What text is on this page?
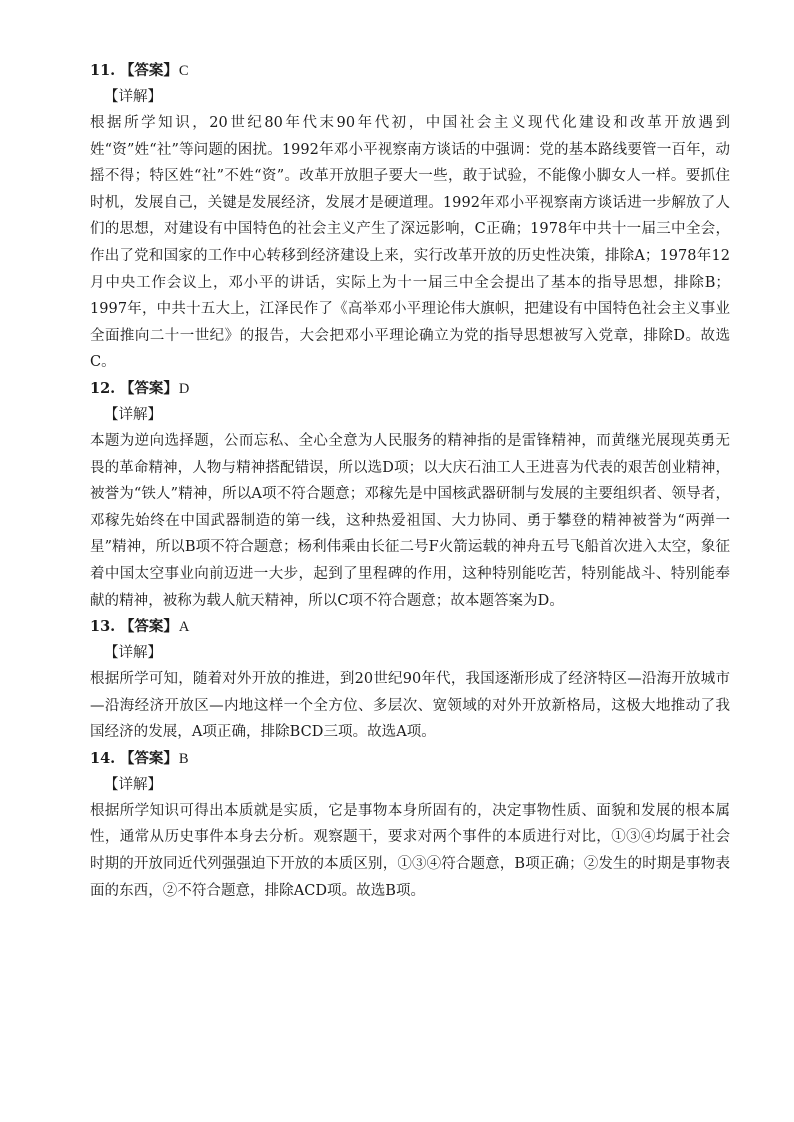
11. 【答案】C
【详解】

根据所学知识，20世纪80年代末90年代初，中国社会主义现代化建设和改革开放遇到姓“资”姓“社”等问题的困扰。1992年邓小平视察南方谈话的中强调：党的基本路线要管一百年，动摇不得；特区姓“社”不姓“资”。改革开放胆子要大一些，敢于试验，不能像小脚女人一样。要抓住时机，发展自己，关键是发展经济，发展才是硬道理。1992年邓小平视察南方谈话进一步解放了人们的思想，对建设有中国特色的社会主义产生了深远影响，C正确；1978年中共十一届三中全会，作出了党和国家的工作中心转移到经济建设上来，实行改革开放的历史性决策，排除A；1978年12月中央工作会议上，邓小平的讲话，实际上为十一届三中全会提出了基本的指导思想，排除B；1997年，中共十五大上，江泽民作了《高举邓小平理论伟大旗帜，把建设有中国特色社会主义事业全面推向二十一世纪》的报告，大会把邓小平理论确立为党的指导思想被写入党章，排除D。故选C。

12. 【答案】D
【详解】

本题为逆向选择题，公而忘私、全心全意为人民服务的精神指的是雷锋精神，而黄继光展现英勇无畏的革命精神，人物与精神搭配错误，所以选D项；以大庆石油工人王进喜为代表的艰苦创业精神，被誉为“铁人”精神，所以A项不符合题意；邓稼先是中国核武器研制与发展的主要组织者、领导者，邓稼先始终在中国武器制造的第一线，这种热爱祖国、大力协同、勇于攀登的精神被誉为“两弹一星”精神，所以B项不符合题意；杨利伟乘由长征二号F火箭运载的神舟五号飞船首次进入太空，象征着中国太空事业向前迈进一大步，起到了里程碑的作用，这种特别能吃苦，特别能战斗、特别能奉献的精神，被称为载人航天精神，所以C项不符合题意；故本题答案为D。

13. 【答案】A
【详解】

根据所学可知，随着对外开放的推进，到20世纪90年代，我国逐渐形成了经济特区—沿海开放城市—沿海经济开放区—内地这样一个全方位、多层次、宽领域的对外开放新格局，这极大地推动了我国经济的发展，A项正确，排除BCD三项。故选A项。

14. 【答案】B
【详解】

根据所学知识可得出本质就是实质，它是事物本身所固有的，决定事物性质、面貌和发展的根本属性，通常从历史事件本身去分析。观察题干，要求对两个事件的本质进行对比，①③④均属于社会时期的开放同近代列强强迫下开放的本质区别，①③④符合题意，B项正确；②发生的时期是事物表面的东西，②不符合题意，排除ACD项。故选B项。
